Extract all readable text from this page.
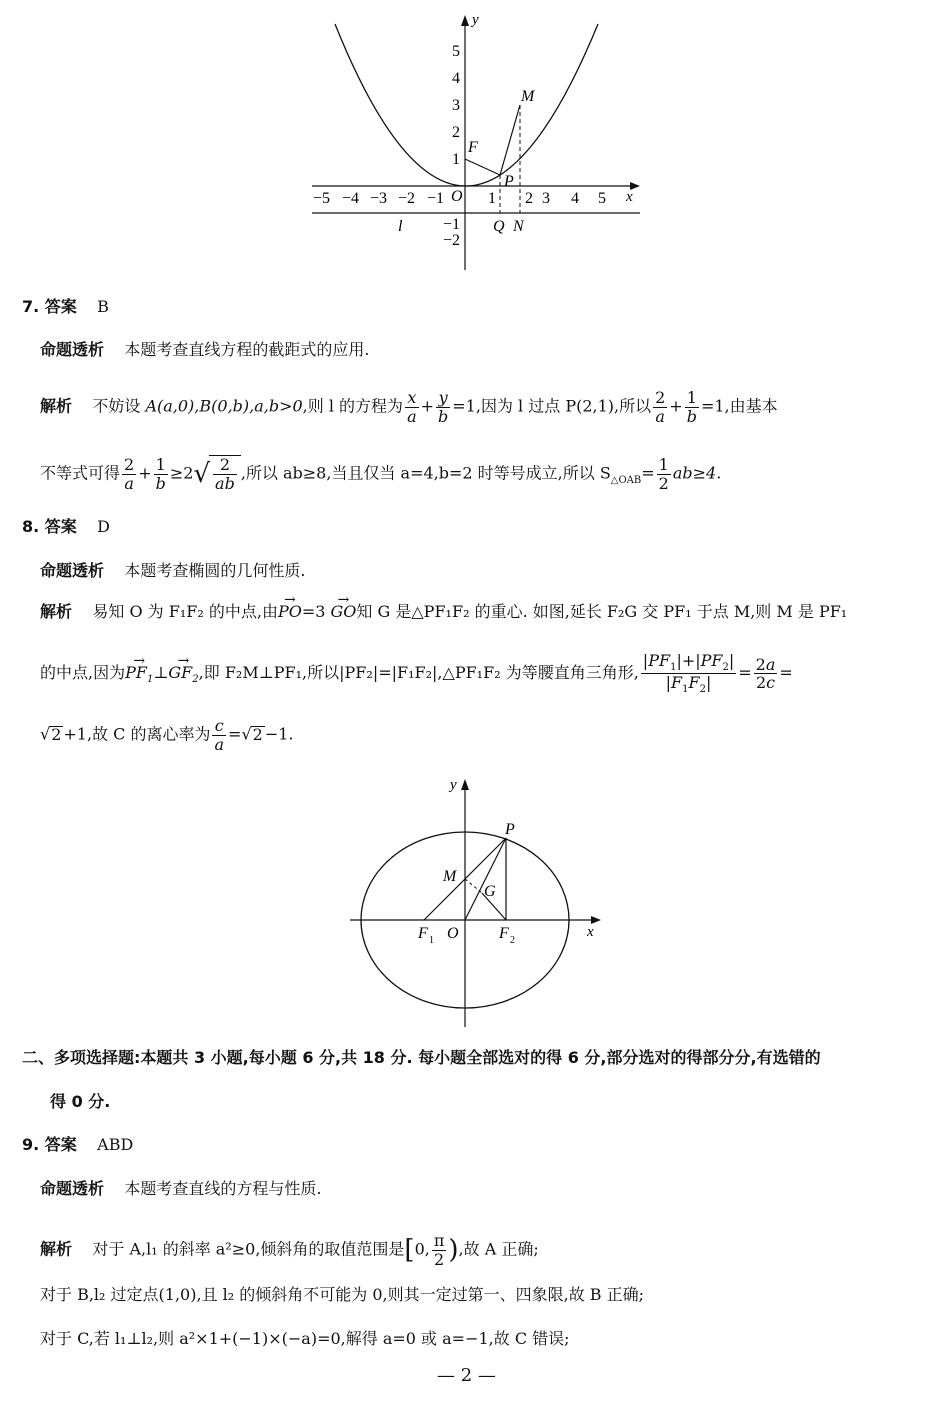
−5 −4 −3 −2 −1	1 2 3 4 5
1
2
3
4
5
−1
−2
O	x
y
F
P
M
Q N
l
7. 答案 B
命题透析 本题考查直线方程的截距式的应用.
解析 不妨设 A(a,0),B(0,b),a,b>0,则 l 的方程为 $\frac{x}{a} + \frac{y}{b} =1$,因为 l 过点 P(2,1),所以 $\frac{2}{a} + \frac{1}{b} =1$,由基本
不等式可得 $\frac{2}{a} + \frac{1}{b} \ge 2√ \frac{2}{ab}$ ,所以 ab≥8,当且仅当 a=4,b=2 时等号成立,所以 $S_{\triangle OAB}= \frac{1}{2} ab\ge 4$.
8. 答案 D
命题透析 本题考查椭圆的几何性质.
解析 易知 O 为 F₁F₂ 的中点,由→ PO=3 → GO知 G 是△PF₁F₂ 的重心. 如图,延长 F₂G 交 PF₁ 于点 M,则 M 是 PF₁
的中点,因为→ $PF_1\perp\to GF_2$,即 F₂M⊥PF₁,所以|PF₂|=|F₁F₂|,△PF₁F₂ 为等腰直角三角形, $\frac{|PF_1|+|PF_2|}{|F_1F_2|} = \frac{2a}{2c}$ =
√2 +1,故 C 的离心率为 $\frac{c}{a} =√2 -1$.
P
M
G
O
F 1	F 2
x
y
二、多项选择题:本题共 3 小题,每小题 6 分,共 18 分. 每小题全部选对的得 6 分,部分选对的得部分分,有选错的
得 0 分.
9. 答案 ABD
命题透析 本题考查直线的方程与性质.
解析 对于 A,l₁ 的斜率 a²≥0,倾斜角的取值范围是[0, $\frac{\pi}{2}$ ),故 A 正确;
对于 B,l₂ 过定点(1,0),且 l₂ 的倾斜角不可能为 0,则其一定过第一、四象限,故 B 正确;
对于 C,若 l₁⊥l₂,则 a²×1+(−1)×(−a)=0,解得 a=0 或 a=−1,故 C 错误;
— 2 —
